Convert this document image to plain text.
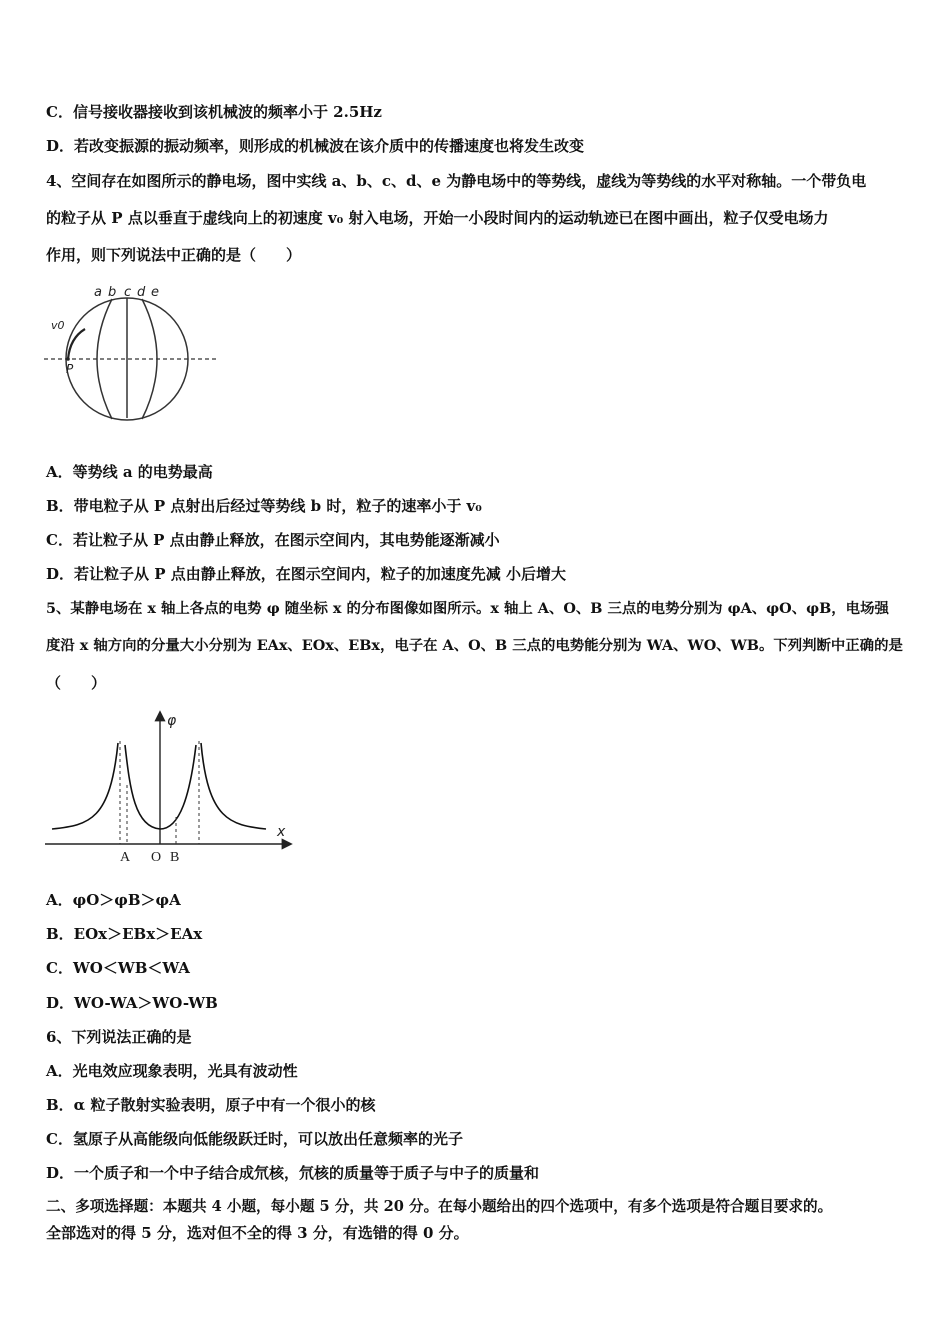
C．信号接收器接收到该机械波的频率小于 2.5Hz
D．若改变振源的振动频率，则形成的机械波在该介质中的传播速度也将发生改变
4、空间存在如图所示的静电场，图中实线 a、b、c、d、e 为静电场中的等势线，虚线为等势线的水平对称轴。一个带负电
的粒子从 P 点以垂直于虚线向上的初速度 v₀ 射入电场，开始一小段时间内的运动轨迹已在图中画出，粒子仅受电场力
作用，则下列说法中正确的是（　　）
a b c d e
v0
P
A．等势线 a 的电势最高
B．带电粒子从 P 点射出后经过等势线 b 时，粒子的速率小于 v₀
C．若让粒子从 P 点由静止释放，在图示空间内，其电势能逐渐减小
D．若让粒子从 P 点由静止释放，在图示空间内，粒子的加速度先减 小后增大
5、某静电场在 x 轴上各点的电势 φ 随坐标 x 的分布图像如图所示。x 轴上 A、O、B 三点的电势分别为 φA、φO、φB，电场强
度沿 x 轴方向的分量大小分别为 EAx、EOx、EBx，电子在 A、O、B 三点的电势能分别为 WA、WO、WB。下列判断中正确的是
（　　）
φ
x
A O B
A．φO＞φB＞φA
B．EOx＞EBx＞EAx
C．WO＜WB＜WA
D．WO-WA＞WO-WB
6、下列说法正确的是
A．光电效应现象表明，光具有波动性
B．α 粒子散射实验表明，原子中有一个很小的核
C．氢原子从高能级向低能级跃迁时，可以放出任意频率的光子
D．一个质子和一个中子结合成氘核，氘核的质量等于质子与中子的质量和
二、多项选择题：本题共 4 小题，每小题 5 分，共 20 分。在每小题给出的四个选项中，有多个选项是符合题目要求的。
全部选对的得 5 分，选对但不全的得 3 分，有选错的得 0 分。
